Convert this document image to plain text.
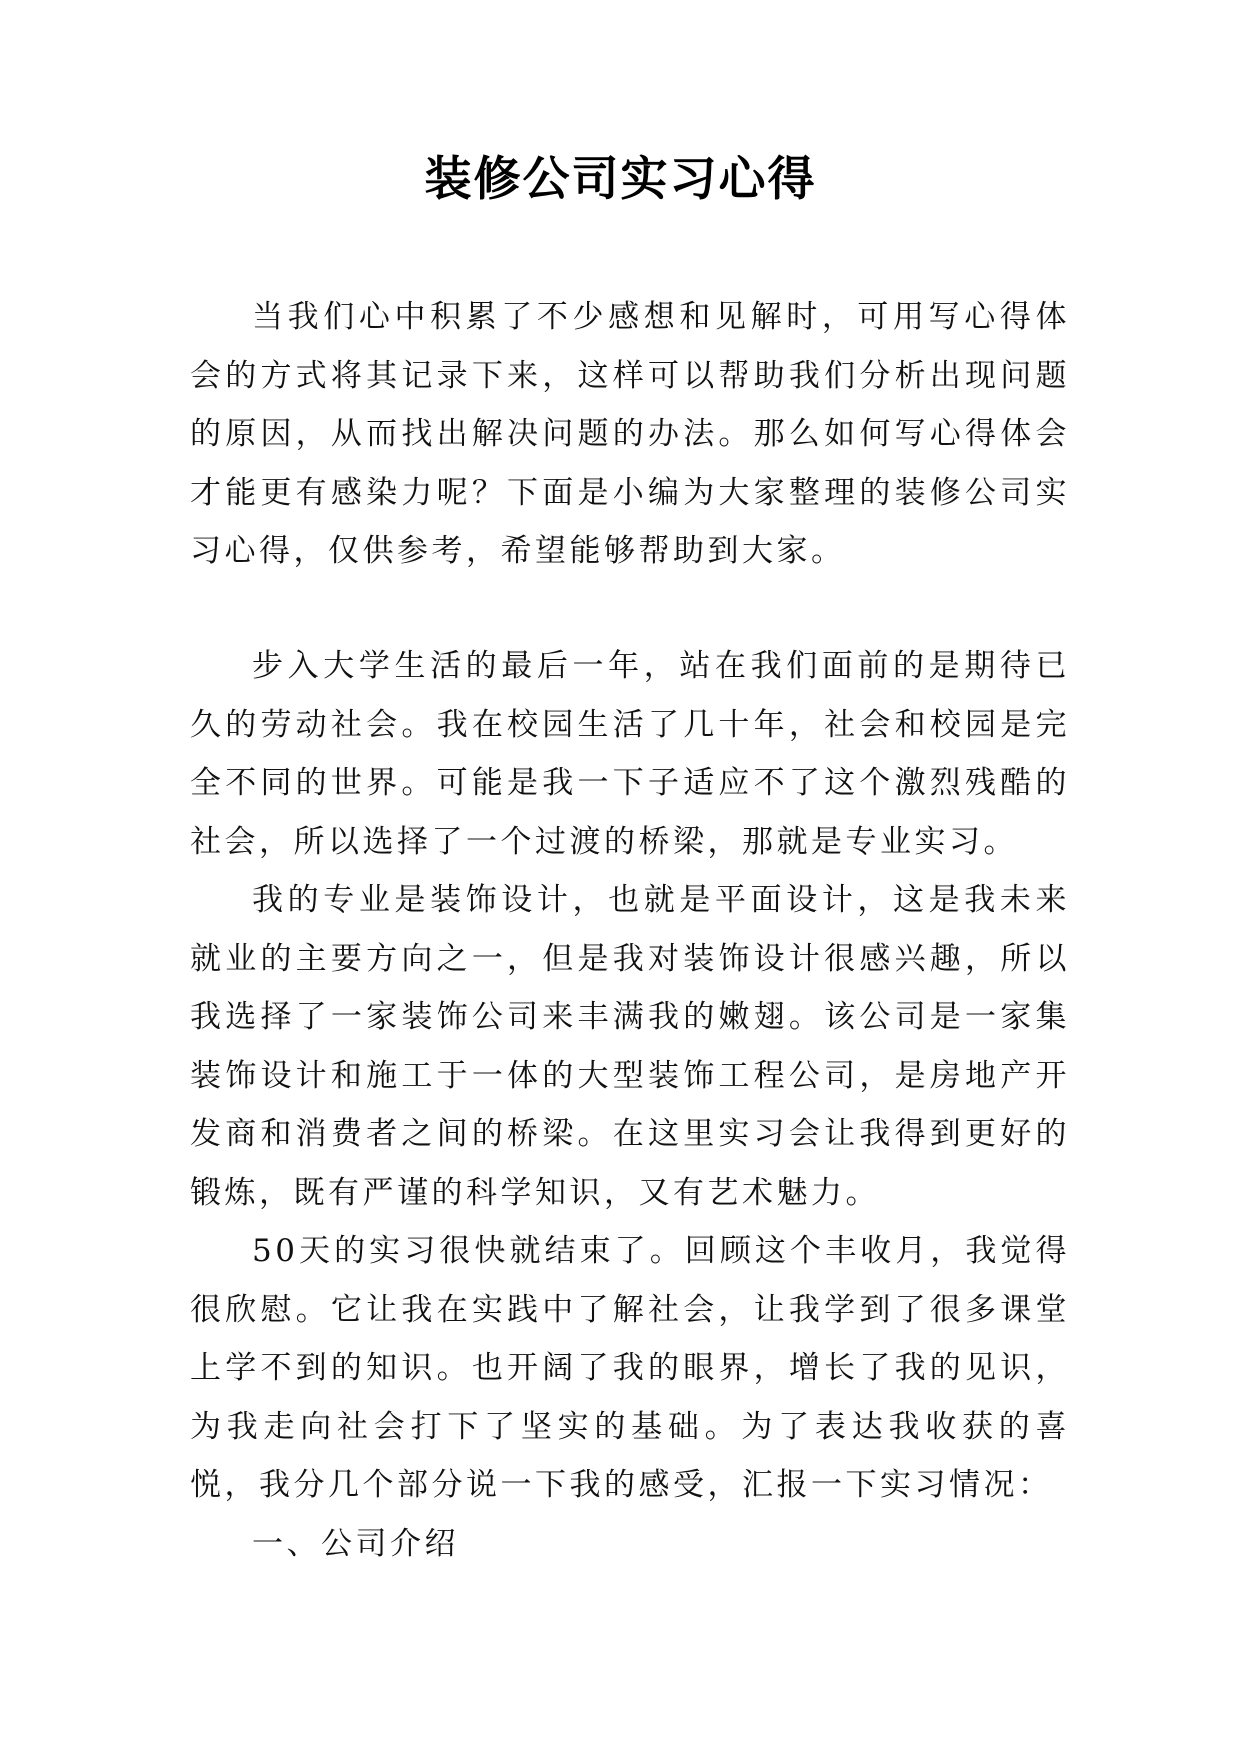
装修公司实习心得

当我们心中积累了不少感想和见解时，可用写心得体会的方式将其记录下来，这样可以帮助我们分析出现问题的原因，从而找出解决问题的办法。那么如何写心得体会才能更有感染力呢？下面是小编为大家整理的装修公司实习心得，仅供参考，希望能够帮助到大家。

步入大学生活的最后一年，站在我们面前的是期待已久的劳动社会。我在校园生活了几十年，社会和校园是完全不同的世界。可能是我一下子适应不了这个激烈残酷的社会，所以选择了一个过渡的桥梁，那就是专业实习。

我的专业是装饰设计，也就是平面设计，这是我未来就业的主要方向之一，但是我对装饰设计很感兴趣，所以我选择了一家装饰公司来丰满我的嫩翅。该公司是一家集装饰设计和施工于一体的大型装饰工程公司，是房地产开发商和消费者之间的桥梁。在这里实习会让我得到更好的锻炼，既有严谨的科学知识，又有艺术魅力。

50天的实习很快就结束了。回顾这个丰收月，我觉得很欣慰。它让我在实践中了解社会，让我学到了很多课堂上学不到的知识。也开阔了我的眼界，增长了我的见识，为我走向社会打下了坚实的基础。为了表达我收获的喜悦，我分几个部分说一下我的感受，汇报一下实习情况：

一、公司介绍
